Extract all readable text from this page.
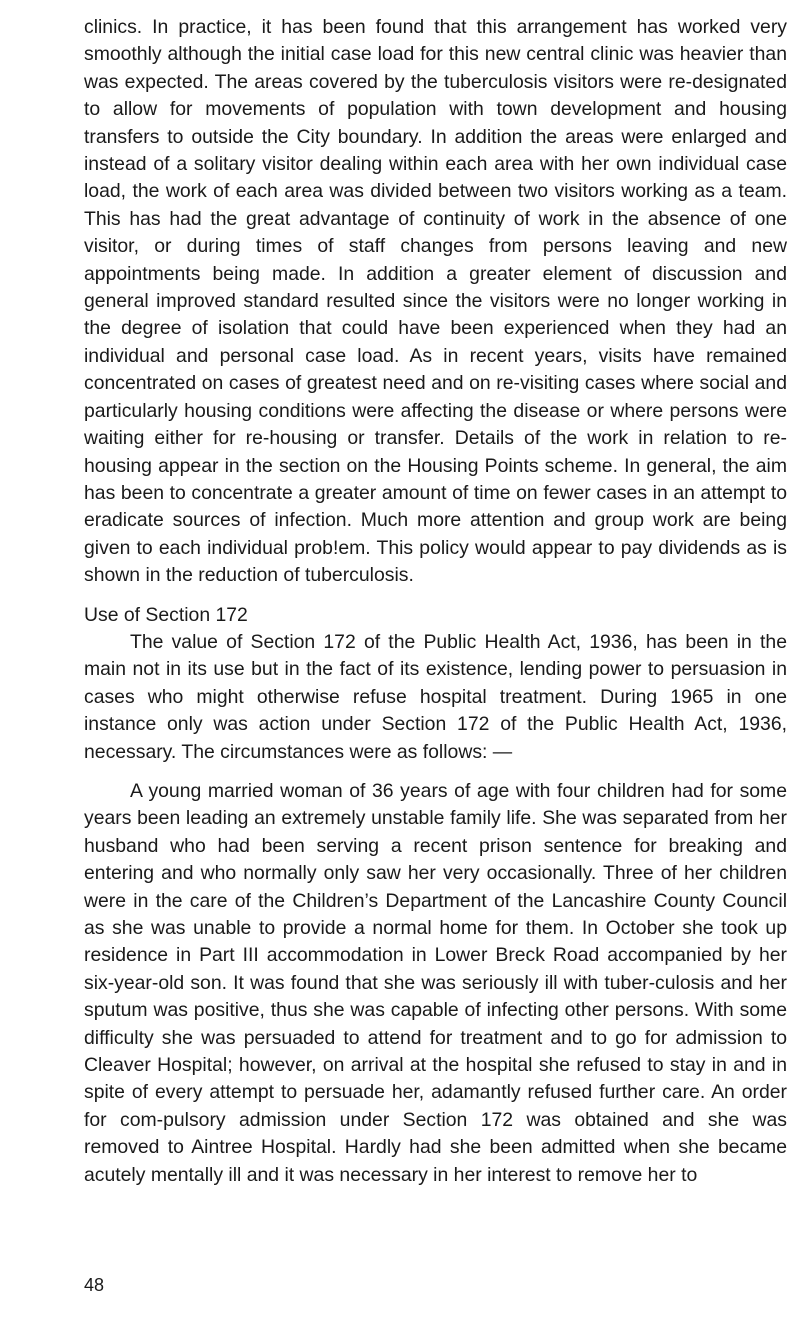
clinics. In practice, it has been found that this arrangement has worked very smoothly although the initial case load for this new central clinic was heavier than was expected. The areas covered by the tuberculosis visitors were re-designated to allow for movements of population with town development and housing transfers to outside the City boundary. In addition the areas were enlarged and instead of a solitary visitor dealing within each area with her own individual case load, the work of each area was divided between two visitors working as a team. This has had the great advantage of continuity of work in the absence of one visitor, or during times of staff changes from persons leaving and new appointments being made. In addition a greater element of discussion and general improved standard resulted since the visitors were no longer working in the degree of isolation that could have been experienced when they had an individual and personal case load. As in recent years, visits have remained concentrated on cases of greatest need and on re-visiting cases where social and particularly housing conditions were affecting the disease or where persons were waiting either for re-housing or transfer. Details of the work in relation to re-housing appear in the section on the Housing Points scheme. In general, the aim has been to concentrate a greater amount of time on fewer cases in an attempt to eradicate sources of infection. Much more attention and group work are being given to each individual prob!em. This policy would appear to pay dividends as is shown in the reduction of tuberculosis.

Use of Section 172

The value of Section 172 of the Public Health Act, 1936, has been in the main not in its use but in the fact of its existence, lending power to persuasion in cases who might otherwise refuse hospital treatment. During 1965 in one instance only was action under Section 172 of the Public Health Act, 1936, necessary. The circumstances were as follows: —

A young married woman of 36 years of age with four children had for some years been leading an extremely unstable family life. She was separated from her husband who had been serving a recent prison sentence for breaking and entering and who normally only saw her very occasionally. Three of her children were in the care of the Children’s Department of the Lancashire County Council as she was unable to provide a normal home for them. In October she took up residence in Part III accommodation in Lower Breck Road accompanied by her six-year-old son. It was found that she was seriously ill with tuber-culosis and her sputum was positive, thus she was capable of infecting other persons. With some difficulty she was persuaded to attend for treatment and to go for admission to Cleaver Hospital; however, on arrival at the hospital she refused to stay in and in spite of every attempt to persuade her, adamantly refused further care. An order for com-pulsory admission under Section 172 was obtained and she was removed to Aintree Hospital. Hardly had she been admitted when she became acutely mentally ill and it was necessary in her interest to remove her to

48
